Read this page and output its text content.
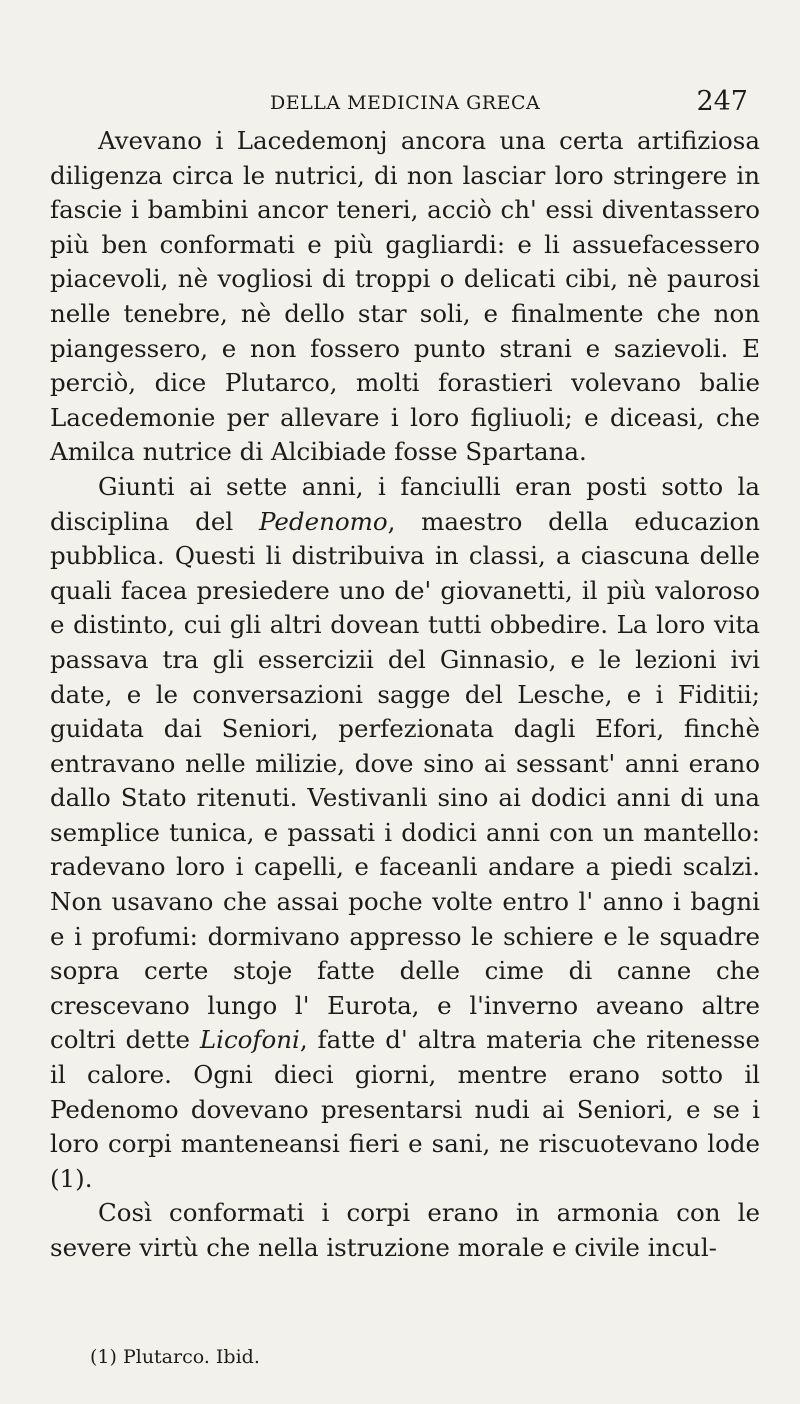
DELLA MEDICINA GRECA	247

Avevano i Lacedemonj ancora una certa artifiziosa diligenza circa le nutrici, di non lasciar loro stringere in fascie i bambini ancor teneri, acciò ch' essi diventassero più ben conformati e più gagliardi: e li assuefacessero piacevoli, nè vogliosi di troppi o delicati cibi, nè paurosi nelle tenebre, nè dello star soli, e finalmente che non piangessero, e non fossero punto strani e sazievoli. E perciò, dice Plutarco, molti forastieri volevano balie Lacedemonie per allevare i loro figliuoli; e diceasi, che Amilca nutrice di Alcibiade fosse Spartana.

Giunti ai sette anni, i fanciulli eran posti sotto la disciplina del Pedenomo, maestro della educazion pubblica. Questi li distribuiva in classi, a ciascuna delle quali facea presiedere uno de' giovanetti, il più valoroso e distinto, cui gli altri dovean tutti obbedire. La loro vita passava tra gli essercizii del Ginnasio, e le lezioni ivi date, e le conversazioni sagge del Lesche, e i Fiditii; guidata dai Seniori, perfezionata dagli Efori, finchè entravano nelle milizie, dove sino ai sessant' anni erano dallo Stato ritenuti. Vestivanli sino ai dodici anni di una semplice tunica, e passati i dodici anni con un mantello: radevano loro i capelli, e faceanli andare a piedi scalzi. Non usavano che assai poche volte entro l' anno i bagni e i profumi: dormivano appresso le schiere e le squadre sopra certe stoje fatte delle cime di canne che crescevano lungo l' Eurota, e l'inverno aveano altre coltri dette Licofoni, fatte d' altra materia che ritenesse il calore. Ogni dieci giorni, mentre erano sotto il Pedenomo dovevano presentarsi nudi ai Seniori, e se i loro corpi manteneansi fieri e sani, ne riscuotevano lode (1).

Così conformati i corpi erano in armonia con le severe virtù che nella istruzione morale e civile incul-

(1) Plutarco. Ibid.
